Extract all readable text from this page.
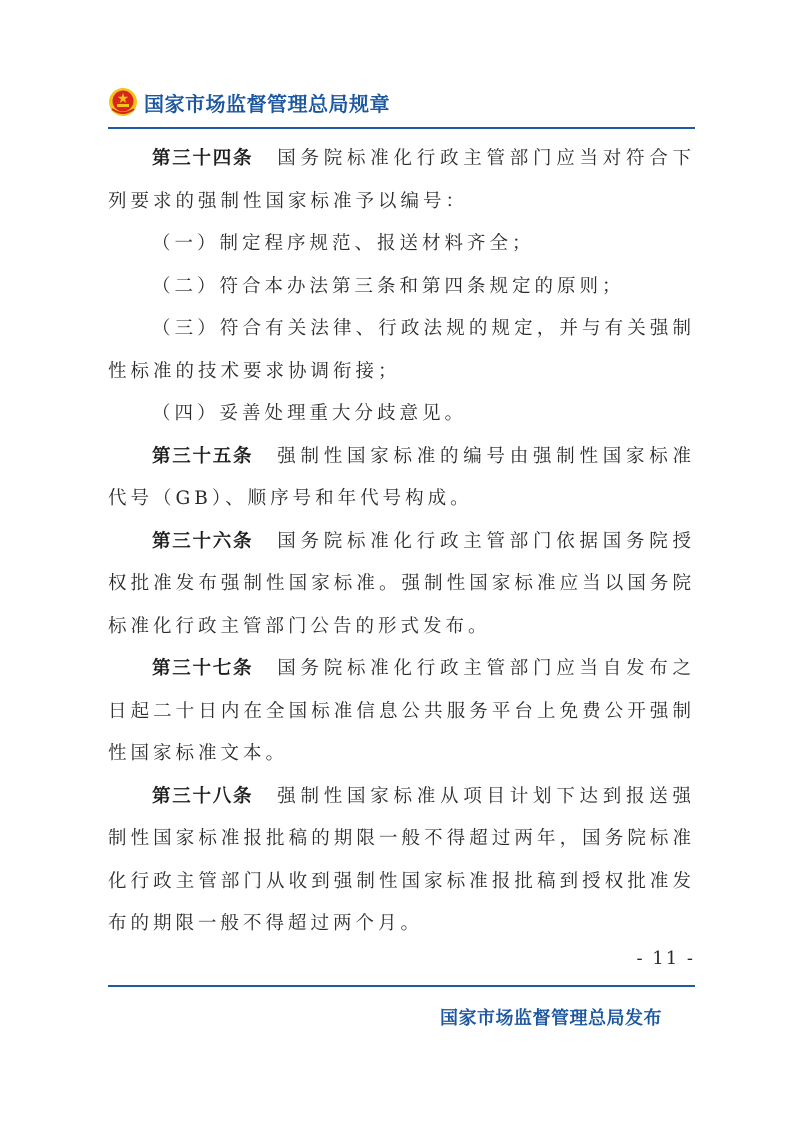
国家市场监督管理总局规章

第三十四条 国务院标准化行政主管部门应当对符合下列要求的强制性国家标准予以编号：

（一）制定程序规范、报送材料齐全；

（二）符合本办法第三条和第四条规定的原则；

（三）符合有关法律、行政法规的规定，并与有关强制性标准的技术要求协调衔接；

（四）妥善处理重大分歧意见。

第三十五条 强制性国家标准的编号由强制性国家标准代号（GB）、顺序号和年代号构成。

第三十六条 国务院标准化行政主管部门依据国务院授权批准发布强制性国家标准。强制性国家标准应当以国务院标准化行政主管部门公告的形式发布。

第三十七条 国务院标准化行政主管部门应当自发布之日起二十日内在全国标准信息公共服务平台上免费公开强制性国家标准文本。

第三十八条 强制性国家标准从项目计划下达到报送强制性国家标准报批稿的期限一般不得超过两年，国务院标准化行政主管部门从收到强制性国家标准报批稿到授权批准发布的期限一般不得超过两个月。

- 11 -
国家市场监督管理总局发布
